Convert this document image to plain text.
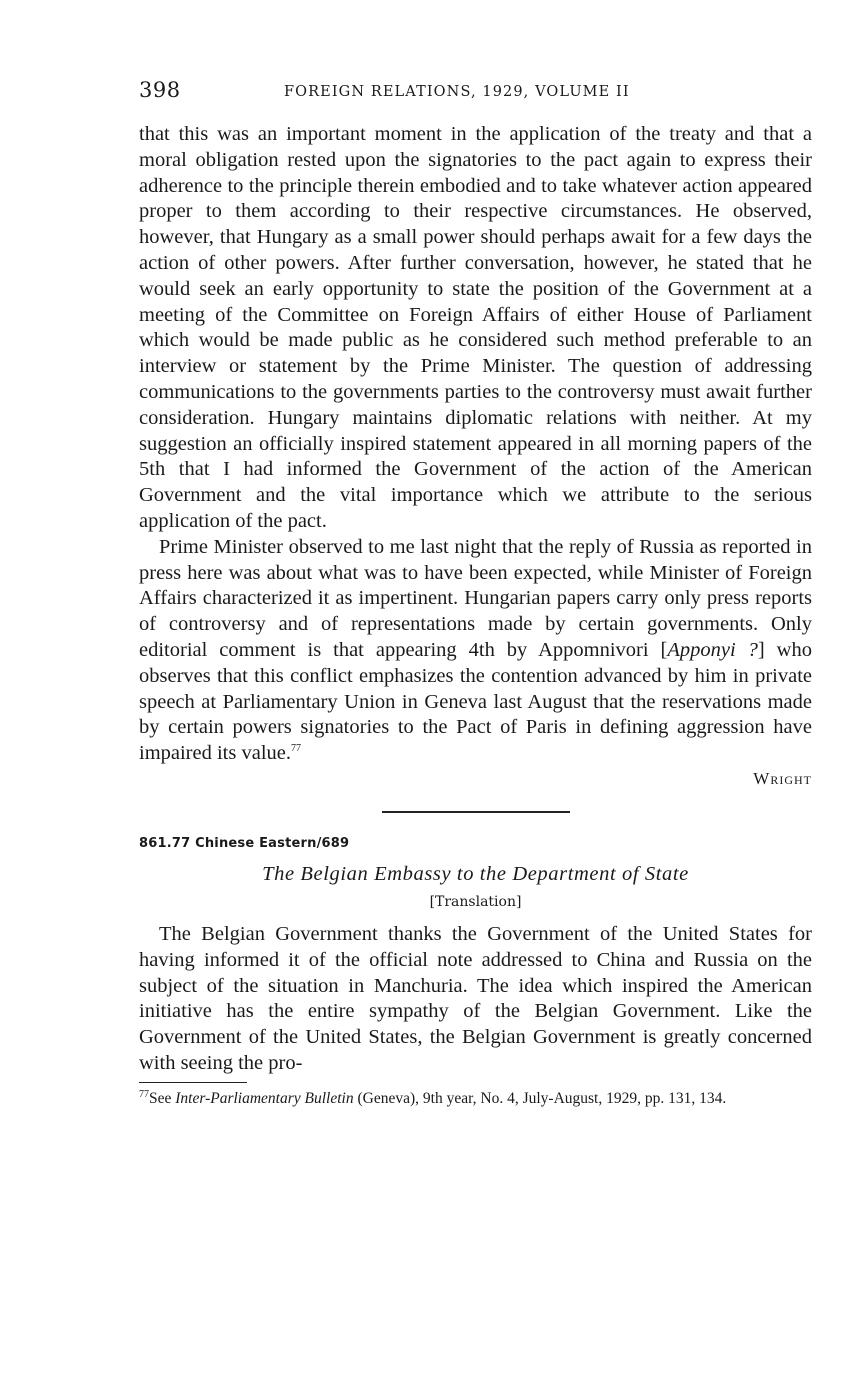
398	FOREIGN RELATIONS, 1929, VOLUME II

that this was an important moment in the application of the treaty and that a moral obligation rested upon the signatories to the pact again to express their adherence to the principle therein embodied and to take whatever action appeared proper to them according to their respective circumstances. He observed, however, that Hungary as a small power should perhaps await for a few days the action of other powers. After further conversation, however, he stated that he would seek an early opportunity to state the position of the Government at a meeting of the Committee on Foreign Affairs of either House of Parliament which would be made public as he considered such method preferable to an interview or statement by the Prime Minister. The question of addressing communications to the governments parties to the controversy must await further consideration. Hungary maintains diplomatic relations with neither. At my suggestion an officially inspired statement appeared in all morning papers of the 5th that I had informed the Government of the action of the American Government and the vital importance which we attribute to the serious application of the pact.

Prime Minister observed to me last night that the reply of Russia as reported in press here was about what was to have been expected, while Minister of Foreign Affairs characterized it as impertinent. Hungarian papers carry only press reports of controversy and of representations made by certain governments. Only editorial comment is that appearing 4th by Appomnivori [Apponyi ?] who observes that this conflict emphasizes the contention advanced by him in private speech at Parliamentary Union in Geneva last August that the reservations made by certain powers signatories to the Pact of Paris in defining aggression have impaired its value.$^{77}$

Wright
861.77 Chinese Eastern/689
The Belgian Embassy to the Department of State
[Translation]

The Belgian Government thanks the Government of the United States for having informed it of the official note addressed to China and Russia on the subject of the situation in Manchuria. The idea which inspired the American initiative has the entire sympathy of the Belgian Government. Like the Government of the United States, the Belgian Government is greatly concerned with seeing the pro-

$^{77}$See Inter-Parliamentary Bulletin (Geneva), 9th year, No. 4, July-August, 1929, pp. 131, 134.
